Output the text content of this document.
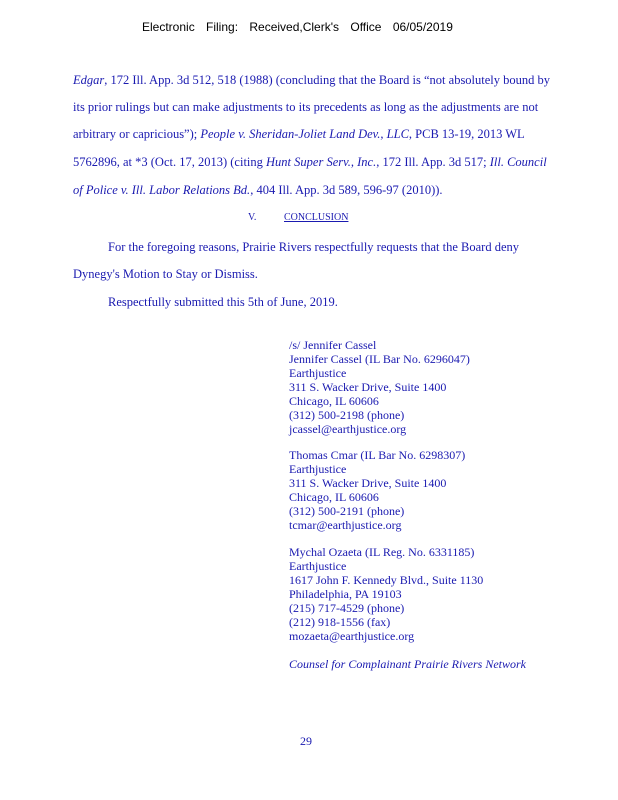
Electronic Filing: Received,Clerk's Office 06/05/2019
Edgar, 172 Ill. App. 3d 512, 518 (1988) (concluding that the Board is “not absolutely bound by
its prior rulings but can make adjustments to its precedents as long as the adjustments are not
arbitrary or capricious”); People v. Sheridan-Joliet Land Dev., LLC, PCB 13-19, 2013 WL
5762896, at *3 (Oct. 17, 2013) (citing Hunt Super Serv., Inc., 172 Ill. App. 3d 517; Ill. Council
of Police v. Ill. Labor Relations Bd., 404 Ill. App. 3d 589, 596-97 (2010)).
V.	CONCLUSION
For the foregoing reasons, Prairie Rivers respectfully requests that the Board deny
Dynegy's Motion to Stay or Dismiss.
Respectfully submitted this 5th of June, 2019.
/s/ Jennifer Cassel
Jennifer Cassel (IL Bar No. 6296047)
Earthjustice
311 S. Wacker Drive, Suite 1400
Chicago, IL 60606
(312) 500-2198 (phone)
jcassel@earthjustice.org
Thomas Cmar (IL Bar No. 6298307)
Earthjustice
311 S. Wacker Drive, Suite 1400
Chicago, IL 60606
(312) 500-2191 (phone)
tcmar@earthjustice.org
Mychal Ozaeta (IL Reg. No. 6331185)
Earthjustice
1617 John F. Kennedy Blvd., Suite 1130
Philadelphia, PA 19103
(215) 717-4529 (phone)
(212) 918-1556 (fax)
mozaeta@earthjustice.org
Counsel for Complainant Prairie Rivers Network
29
